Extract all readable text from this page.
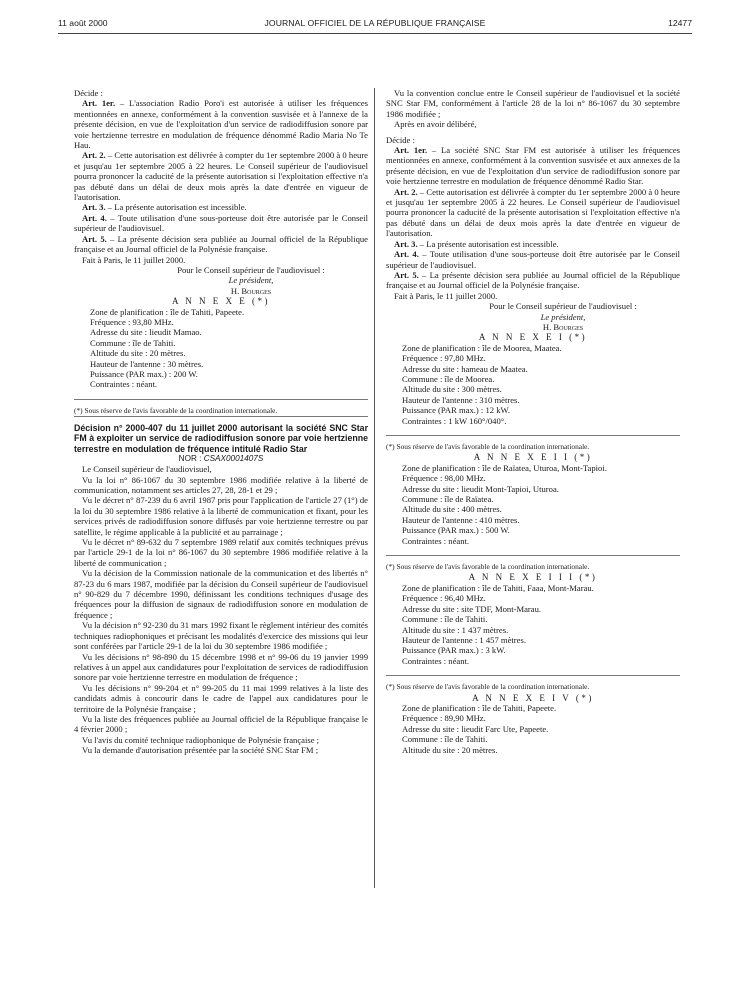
11 août 2000	JOURNAL OFFICIEL DE LA RÉPUBLIQUE FRANÇAISE	12477

Décide :

Art. 1er. – L'association Radio Poro'i est autorisée à utiliser les fréquences mentionnées en annexe, conformément à la convention susvisée et à l'annexe de la présente décision, en vue de l'exploitation d'un service de radiodiffusion sonore par voie hertzienne terrestre en modulation de fréquence dénommé Radio Maria No Te Hau.

Art. 2. – Cette autorisation est délivrée à compter du 1er septembre 2000 à 0 heure et jusqu'au 1er septembre 2005 à 22 heures. Le Conseil supérieur de l'audiovisuel pourra prononcer la caducité de la présente autorisation si l'exploitation effective n'a pas débuté dans un délai de deux mois après la date d'entrée en vigueur de l'autorisation.

Art. 3. – La présente autorisation est incessible.

Art. 4. – Toute utilisation d'une sous-porteuse doit être autorisée par le Conseil supérieur de l'audiovisuel.

Art. 5. – La présente décision sera publiée au Journal officiel de la République française et au Journal officiel de la Polynésie française.

Fait à Paris, le 11 juillet 2000.

Pour le Conseil supérieur de l'audiovisuel :
Le président,
H. Bourges

A N N E X E (*)

Zone de planification : île de Tahiti, Papeete.
Fréquence : 93,80 MHz.
Adresse du site : lieudit Mamao.
Commune : île de Tahiti.
Altitude du site : 20 mètres.
Hauteur de l'antenne : 30 mètres.
Puissance (PAR max.) : 200 W.
Contraintes : néant.

(*) Sous réserve de l'avis favorable de la coordination internationale.

Décision n° 2000-407 du 11 juillet 2000 autorisant la société SNC Star FM à exploiter un service de radiodiffusion sonore par voie hertzienne terrestre en modulation de fréquence intitulé Radio Star

NOR : CSAX0001407S

Le Conseil supérieur de l'audiovisuel,

Vu la loi n° 86-1067 du 30 septembre 1986 modifiée relative à la liberté de communication, notamment ses articles 27, 28, 28-1 et 29 ;

Vu le décret n° 87-239 du 6 avril 1987 pris pour l'application de l'article 27 (1°) de la loi du 30 septembre 1986 relative à la liberté de communication et fixant, pour les services privés de radiodiffusion sonore diffusés par voie hertzienne terrestre ou par satellite, le régime applicable à la publicité et au parrainage ;

Vu le décret n° 89-632 du 7 septembre 1989 relatif aux comités techniques prévus par l'article 29-1 de la loi n° 86-1067 du 30 septembre 1986 modifiée relative à la liberté de communication ;

Vu la décision de la Commission nationale de la communication et des libertés n° 87-23 du 6 mars 1987, modifiée par la décision du Conseil supérieur de l'audiovisuel n° 90-829 du 7 décembre 1990, définissant les conditions techniques d'usage des fréquences pour la diffusion de signaux de radiodiffusion sonore en modulation de fréquence ;

Vu la décision n° 92-230 du 31 mars 1992 fixant le règlement intérieur des comités techniques radiophoniques et précisant les modalités d'exercice des missions qui leur sont conférées par l'article 29-1 de la loi du 30 septembre 1986 modifiée ;

Vu les décisions n° 98-890 du 15 décembre 1998 et n° 99-06 du 19 janvier 1999 relatives à un appel aux candidatures pour l'exploitation de services de radiodiffusion sonore par voie hertzienne terrestre en modulation de fréquence ;

Vu les décisions n° 99-204 et n° 99-205 du 11 mai 1999 relatives à la liste des candidats admis à concourir dans le cadre de l'appel aux candidatures pour le territoire de la Polynésie française ;

Vu la liste des fréquences publiée au Journal officiel de la République française le 4 février 2000 ;

Vu l'avis du comité technique radiophonique de Polynésie française ;

Vu la demande d'autorisation présentée par la société SNC Star FM ;

Vu la convention conclue entre le Conseil supérieur de l'audiovisuel et la société SNC Star FM, conformément à l'article 28 de la loi n° 86-1067 du 30 septembre 1986 modifiée ;

Après en avoir délibéré,

Décide :

Art. 1er. – La société SNC Star FM est autorisée à utiliser les fréquences mentionnées en annexe, conformément à la convention susvisée et aux annexes de la présente décision, en vue de l'exploitation d'un service de radiodiffusion sonore par voie hertzienne terrestre en modulation de fréquence dénommé Radio Star.

Art. 2. – Cette autorisation est délivrée à compter du 1er septembre 2000 à 0 heure et jusqu'au 1er septembre 2005 à 22 heures. Le Conseil supérieur de l'audiovisuel pourra prononcer la caducité de la présente autorisation si l'exploitation effective n'a pas débuté dans un délai de deux mois après la date d'entrée en vigueur de l'autorisation.

Art. 3. – La présente autorisation est incessible.

Art. 4. – Toute utilisation d'une sous-porteuse doit être autorisée par le Conseil supérieur de l'audiovisuel.

Art. 5. – La présente décision sera publiée au Journal officiel de la République française et au Journal officiel de la Polynésie française.

Fait à Paris, le 11 juillet 2000.

Pour le Conseil supérieur de l'audiovisuel :
Le président,
H. Bourges

A N N E X E I (*)

Zone de planification : île de Moorea, Maatea.
Fréquence : 97,80 MHz.
Adresse du site : hameau de Maatea.
Commune : île de Moorea.
Altitude du site : 300 mètres.
Hauteur de l'antenne : 310 mètres.
Puissance (PAR max.) : 12 kW.
Contraintes : 1 kW 160°/040°.

(*) Sous réserve de l'avis favorable de la coordination internationale.

A N N E X E I I (*)

Zone de planification : île de Raïatea, Uturoa, Mont-Tapioi.
Fréquence : 98,00 MHz.
Adresse du site : lieudit Mont-Tapioi, Uturoa.
Commune : île de Raïatea.
Altitude du site : 400 mètres.
Hauteur de l'antenne : 410 mètres.
Puissance (PAR max.) : 500 W.
Contraintes : néant.

(*) Sous réserve de l'avis favorable de la coordination internationale.

A N N E X E I I I (*)

Zone de planification : île de Tahiti, Faaa, Mont-Marau.
Fréquence : 96,40 MHz.
Adresse du site : site TDF, Mont-Marau.
Commune : île de Tahiti.
Altitude du site : 1 437 mètres.
Hauteur de l'antenne : 1 457 mètres.
Puissance (PAR max.) : 3 kW.
Contraintes : néant.

(*) Sous réserve de l'avis favorable de la coordination internationale.

A N N E X E I V (*)

Zone de planification : île de Tahiti, Papeete.
Fréquence : 89,90 MHz.
Adresse du site : lieudit Farc Ute, Papeete.
Commune : île de Tahiti.
Altitude du site : 20 mètres.
